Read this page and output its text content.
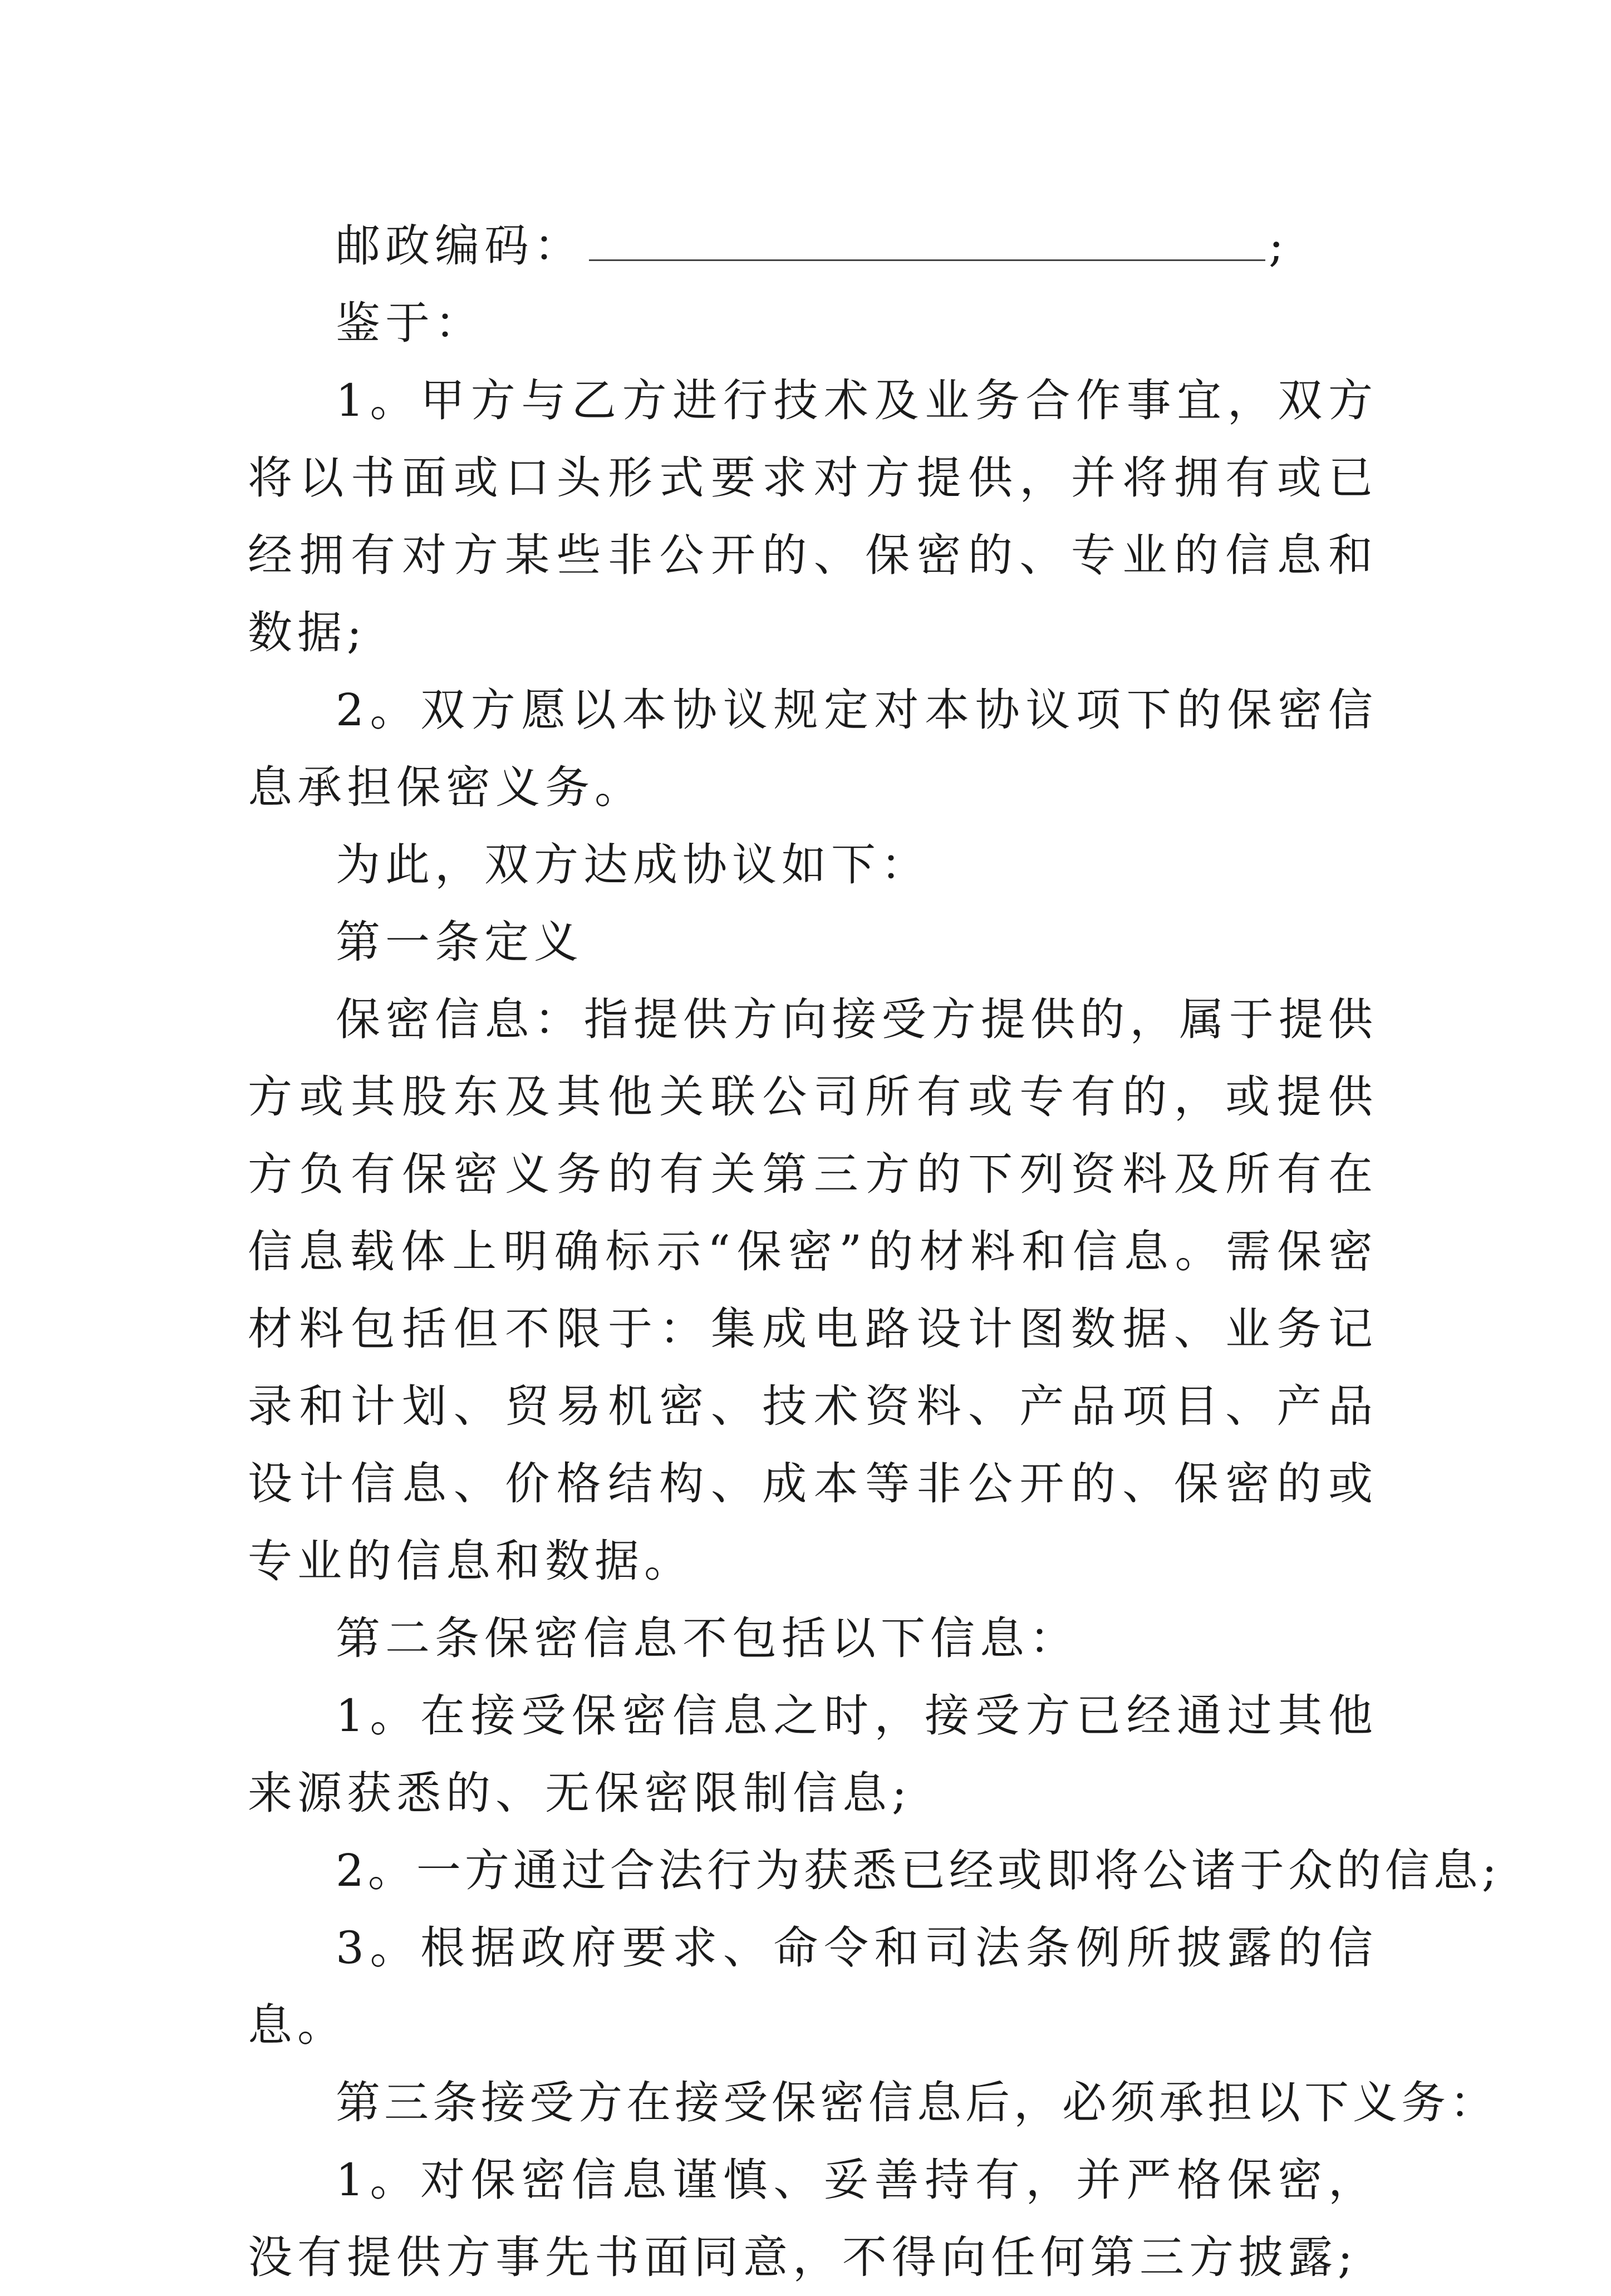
邮政编码：	;

鉴于：

1。甲方与乙方进行技术及业务合作事宜，双方将以书面或口头形式要求对方提供，并将拥有或已经拥有对方某些非公开的、保密的、专业的信息和数据;

2。双方愿以本协议规定对本协议项下的保密信息承担保密义务。

为此，双方达成协议如下：

第一条定义

保密信息：指提供方向接受方提供的，属于提供方或其股东及其他关联公司所有或专有的，或提供方负有保密义务的有关第三方的下列资料及所有在信息载体上明确标示“保密”的材料和信息。需保密材料包括但不限于：集成电路设计图数据、业务记录和计划、贸易机密、技术资料、产品项目、产品设计信息、价格结构、成本等非公开的、保密的或专业的信息和数据。

第二条保密信息不包括以下信息：

1。在接受保密信息之时，接受方已经通过其他来源获悉的、无保密限制信息;

2。一方通过合法行为获悉已经或即将公诸于众的信息;

3。根据政府要求、命令和司法条例所披露的信息。

第三条接受方在接受保密信息后，必须承担以下义务：

1。对保密信息谨慎、妥善持有，并严格保密，没有提供方事先书面同意，不得向任何第三方披露;
